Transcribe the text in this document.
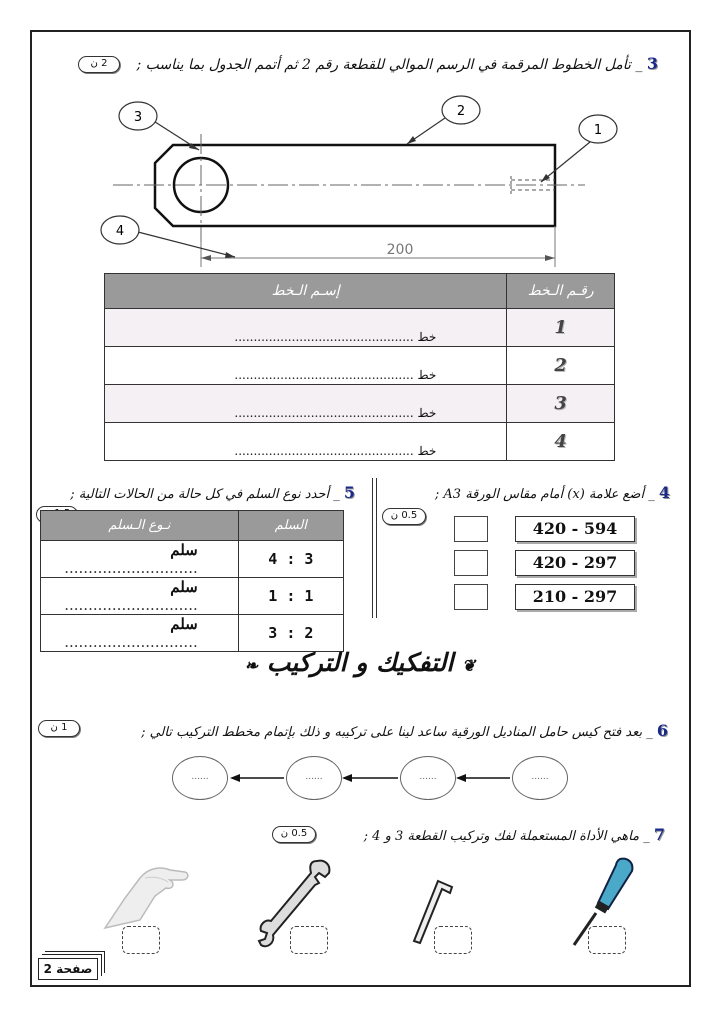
3 _ تأمل الخطوط المرقمة في الرسم الموالي للقطعة رقم 2 ثم أتمم الجدول بما يناسب ;
2 ن
200
3	2
1
4
إسـم الـخط	رقـم الـخط
خط ...............................................	1
خط ...............................................	2
خط ...............................................	3
خط ...............................................	4
5 _ أحدد نوع السلم في كل حالة من الحالات التالية ;
نـوع الـسلم	السلم
سلم ............................	4 : 3
سلم ............................	1 : 1
سلم ............................	3 : 2
4 _ أضع علامة (x) أمام مقاس الورقة A3 ;
0.5 ن
420 - 594
420 - 297
210 - 297
❦ التفكيك و التركيب ❧
6 _ بعد فتح كيس حامل المناديل الورقية ساعد لينا على تركيبه و ذلك بإتمام مخطط التركيب تالي ;
1 ن
......	......	......	......
7 _ ماهي الأداة المستعملة لفك وتركيب القطعة 3 و 4 ;
0.5 ن
صفحة 2
